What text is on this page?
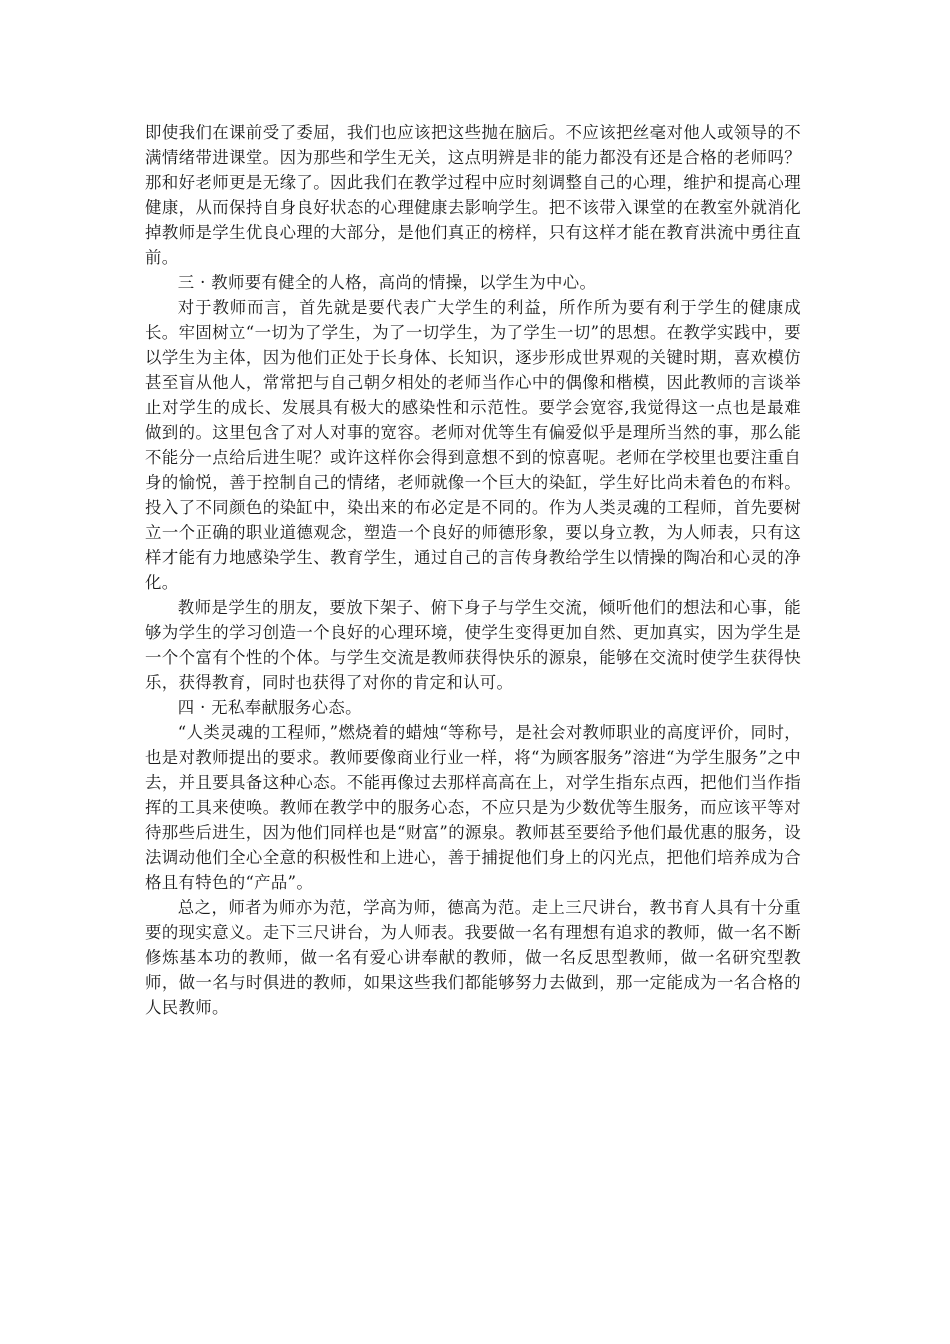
即使我们在课前受了委屈，我们也应该把这些抛在脑后。不应该把丝毫对他人或领导的不满情绪带进课堂。因为那些和学生无关，这点明辨是非的能力都没有还是合格的老师吗？那和好老师更是无缘了。因此我们在教学过程中应时刻调整自己的心理，维护和提高心理健康，从而保持自身良好状态的心理健康去影响学生。把不该带入课堂的在教室外就消化掉教师是学生优良心理的大部分，是他们真正的榜样，只有这样才能在教育洪流中勇往直前。

三 · 教师要有健全的人格，高尚的情操，以学生为中心。

对于教师而言，首先就是要代表广大学生的利益，所作所为要有利于学生的健康成长。牢固树立“一切为了学生，为了一切学生，为了学生一切”的思想。在教学实践中，要以学生为主体，因为他们正处于长身体、长知识，逐步形成世界观的关键时期，喜欢模仿甚至盲从他人，常常把与自己朝夕相处的老师当作心中的偶像和楷模，因此教师的言谈举止对学生的成长、发展具有极大的感染性和示范性。要学会宽容,我觉得这一点也是最难做到的。这里包含了对人对事的宽容。老师对优等生有偏爱似乎是理所当然的事，那么能不能分一点给后进生呢？或许这样你会得到意想不到的惊喜呢。老师在学校里也要注重自身的愉悦，善于控制自己的情绪，老师就像一个巨大的染缸，学生好比尚未着色的布料。投入了不同颜色的染缸中，染出来的布必定是不同的。作为人类灵魂的工程师，首先要树立一个正确的职业道德观念，塑造一个良好的师德形象，要以身立教，为人师表，只有这样才能有力地感染学生、教育学生，通过自己的言传身教给学生以情操的陶冶和心灵的净化。

教师是学生的朋友，要放下架子、俯下身子与学生交流，倾听他们的想法和心事，能够为学生的学习创造一个良好的心理环境，使学生变得更加自然、更加真实，因为学生是一个个富有个性的个体。与学生交流是教师获得快乐的源泉，能够在交流时使学生获得快乐，获得教育，同时也获得了对你的肯定和认可。

四 · 无私奉献服务心态。

“人类灵魂的工程师，”燃烧着的蜡烛“等称号，是社会对教师职业的高度评价，同时，也是对教师提出的要求。教师要像商业行业一样，将“为顾客服务”溶进“为学生服务”之中去，并且要具备这种心态。不能再像过去那样高高在上，对学生指东点西，把他们当作指挥的工具来使唤。教师在教学中的服务心态，不应只是为少数优等生服务，而应该平等对待那些后进生，因为他们同样也是“财富”的源泉。教师甚至要给予他们最优惠的服务，设法调动他们全心全意的积极性和上进心，善于捕捉他们身上的闪光点，把他们培养成为合格且有特色的“产品”。

总之，师者为师亦为范，学高为师，德高为范。走上三尺讲台，教书育人具有十分重要的现实意义。走下三尺讲台，为人师表。我要做一名有理想有追求的教师，做一名不断修炼基本功的教师，做一名有爱心讲奉献的教师，做一名反思型教师，做一名研究型教师，做一名与时俱进的教师，如果这些我们都能够努力去做到，那一定能成为一名合格的人民教师。
